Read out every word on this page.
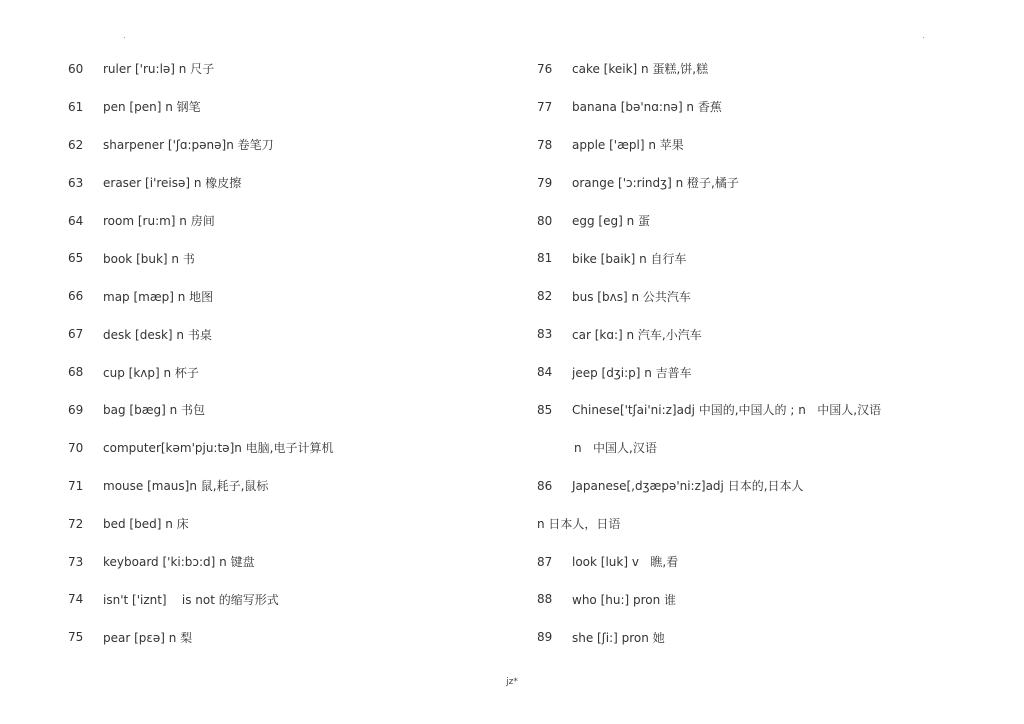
60	ruler ['ru:lə] n 尺子
61	pen [pen] n 钢笔
62	sharpener ['ʃɑ:pənə]n 卷笔刀
63	eraser [i'reisə] n 橡皮擦
64	room [ru:m] n 房间
65	book [buk] n 书
66	map [mæp] n 地图
67	desk [desk] n 书桌
68	cup [kʌp] n 杯子
69	bag [bæg] n 书包
70	computer[kəm'pju:tə]n 电脑,电子计算机
71	mouse [maus]n 鼠,耗子,鼠标
72	bed [bed] n 床
73	keyboard ['ki:bɔ:d] n 键盘
74	isn't ['iznt]    is not 的缩写形式
75	pear [pεə] n 梨
76	cake [keik] n 蛋糕,饼,糕
77	banana [bə'nɑ:nə] n 香蕉
78	apple ['æpl] n 苹果
79	orange ['ɔ:rindʒ] n 橙子,橘子
80	egg [eg] n 蛋
81	bike [baik] n 自行车
82	bus [bʌs] n 公共汽车
83	car [kɑ:] n 汽车,小汽车
84	jeep [dʒi:p] n 吉普车
85	Chinese['tʃai'ni:z]adj 中国的,中国人的 ; n   中国人,汉语
n   中国人,汉语
86	Japanese[,dʒæpə'ni:z]adj 日本的,日本人
n 日本人，日语
87	look [luk] v   瞧,看
88	who [hu:] pron 谁
89	she [ʃi:] pron 她
jz*
